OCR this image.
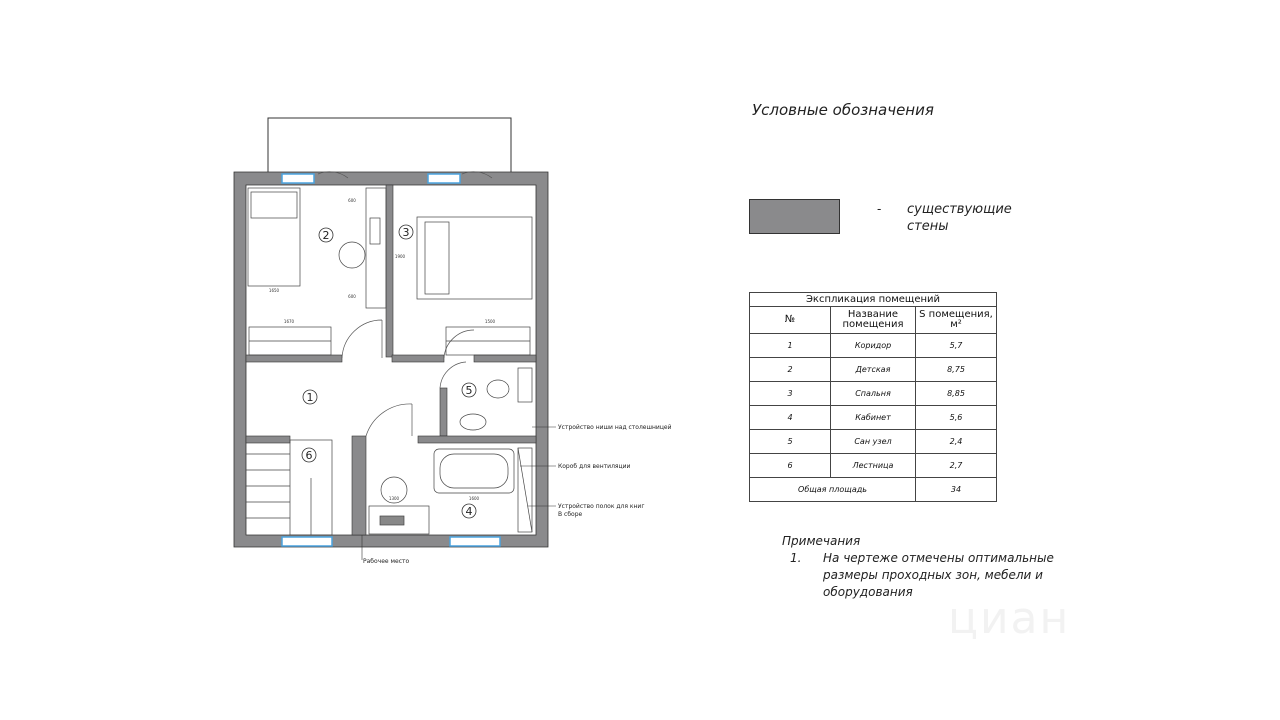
2	3
1
5
4
6
1650
1670	1500
1600
1300
600
600
1900
Устройство ниши над столешницей
Короб для вентиляции
Устройство полок для книг
В сборе
Рабочее место
Условные обозначения
- существующие стены
Экспликация помещений
№	Название помещения	S помещения, м²
1	Коридор	5,7
2	Детская	8,75
3	Спальня	8,85
4	Кабинет	5,6
5	Сан узел	2,4
6	Лестница	2,7
Общая площадь		34
Примечания
1. На чертеже отмечены оптимальные размеры проходных зон, мебели и оборудования
циан
